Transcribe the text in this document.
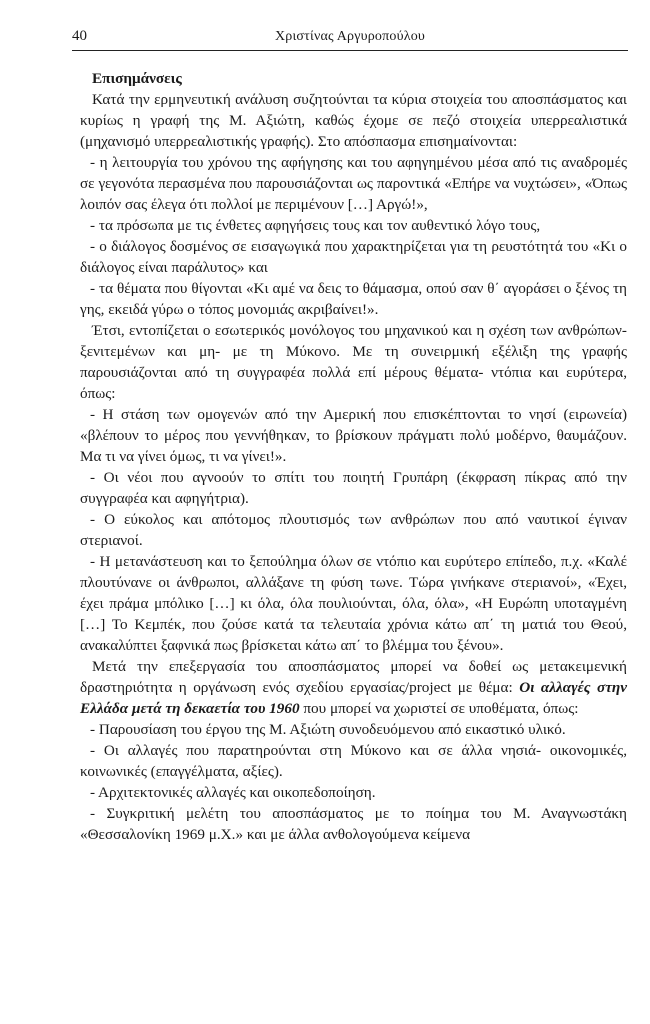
40	Χριστίνας Αργυροπούλου

Επισημάνσεις

Κατά την ερμηνευτική ανάλυση συζητούνται τα κύρια στοιχεία του αποσπάσματος και κυρίως η γραφή της Μ. Αξιώτη, καθώς έχομε σε πεζό στοιχεία υπερρεαλιστικά (μηχανισμό υπερρεαλιστικής γραφής). Στο απόσπασμα επισημαίνονται:

- η λειτουργία του χρόνου της αφήγησης και του αφηγημένου μέσα από τις αναδρομές σε γεγονότα περασμένα που παρουσιάζονται ως παροντικά «Επήρε να νυχτώσει», «Όπως λοιπόν σας έλεγα ότι πολλοί με περιμένουν […] Αργώ!»,

- τα πρόσωπα με τις ένθετες αφηγήσεις τους και τον αυθεντικό λόγο τους,

- ο διάλογος δοσμένος σε εισαγωγικά που χαρακτηρίζεται για τη ρευστότητά του «Κι ο διάλογος είναι παράλυτος» και

- τα θέματα που θίγονται «Κι αμέ να δεις το θάμασμα, οπού σαν θ΄ αγοράσει ο ξένος τη γης, εκειδά γύρω ο τόπος μονομιάς ακριβαίνει!».

Έτσι, εντοπίζεται ο εσωτερικός μονόλογος του μηχανικού και η σχέση των ανθρώπων-ξενιτεμένων και μη- με τη Μύκονο. Με τη συνειρμική εξέλιξη της γραφής παρουσιάζονται από τη συγγραφέα πολλά επί μέρους θέματα- ντόπια και ευρύτερα, όπως:

- Η στάση των ομογενών από την Αμερική που επισκέπτονται το νησί (ειρωνεία) «βλέπουν το μέρος που γεννήθηκαν, το βρίσκουν πράγματι πολύ μοδέρνο, θαυμάζουν. Μα τι να γίνει όμως, τι να γίνει!».

- Οι νέοι που αγνοούν το σπίτι του ποιητή Γρυπάρη (έκφραση πίκρας από την συγγραφέα και αφηγήτρια).

- Ο εύκολος και απότομος πλουτισμός των ανθρώπων που από ναυτικοί έγιναν στεριανοί.

- Η μετανάστευση και το ξεπούλημα όλων σε ντόπιο και ευρύτερο επίπεδο, π.χ. «Καλέ πλουτύνανε οι άνθρωποι, αλλάξανε τη φύση τωνε. Τώρα γινήκανε στεριανοί», «Έχει, έχει πράμα μπόλικο […] κι όλα, όλα πουλιούνται, όλα, όλα», «Η Ευρώπη υποταγμένη […] Το Κεμπέκ, που ζούσε κατά τα τελευταία χρόνια κάτω απ΄ τη ματιά του Θεού, ανακαλύπτει ξαφνικά πως βρίσκεται κάτω απ΄ το βλέμμα του ξένου».

Μετά την επεξεργασία του αποσπάσματος μπορεί να δοθεί ως μετακειμενική δραστηριότητα η οργάνωση ενός σχεδίου εργασίας/project με θέμα: Οι αλλαγές στην Ελλάδα μετά τη δεκαετία του 1960 που μπορεί να χωριστεί σε υποθέματα, όπως:

- Παρουσίαση του έργου της Μ. Αξιώτη συνοδευόμενου από εικαστικό υλικό.

- Οι αλλαγές που παρατηρούνται στη Μύκονο και σε άλλα νησιά- οικονομικές, κοινωνικές (επαγγέλματα, αξίες).

- Αρχιτεκτονικές αλλαγές και οικοπεδοποίηση.

- Συγκριτική μελέτη του αποσπάσματος με το ποίημα του Μ. Αναγνωστάκη «Θεσσαλονίκη 1969 μ.Χ.» και με άλλα ανθολογούμενα κείμενα
